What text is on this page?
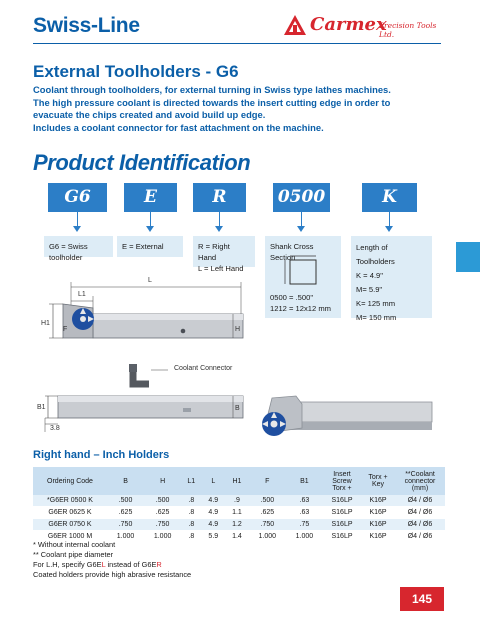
Swiss-Line	Carmex
Precision Tools Ltd.
External Toolholders - G6
Coolant through toolholders, for external turning in Swiss type lathes machines.
The high pressure coolant is directed towards the insert cutting edge in order to
evacuate the chips created and avoid build up edge.
Includes a coolant connector for fast attachment on the machine.
Product Identification
G6	E	R	0500	K
G6 = Swiss toolholder
E = External	R = Right Hand
L = Left Hand
Shank Cross Section
0500 = .500"
1212 = 12x12 mm
Length of Toolholders
K = 4.9"
M= 5.9"
K= 125 mm
M= 150 mm
L
L1
H1
F	H
Coolant Connector
B1	B
3.8
Right hand – Inch Holders
Ordering Code	B	H	L1	L	H1	F	B1	Insert Screw Torx +	Torx + Key	**Coolant connector (mm)
*G6ER 0500 K	.500	.500	.8	4.9	.9	.500	.63	S16LP	K16P	Ø4 / Ø6
G6ER 0625 K	.625	.625	.8	4.9	1.1	.625	.63	S16LP	K16P	Ø4 / Ø6
G6ER 0750 K	.750	.750	.8	4.9	1.2	.750	.75	S16LP	K16P	Ø4 / Ø6
G6ER 1000 M	1.000	1.000	.8	5.9	1.4	1.000	1.000	S16LP	K16P	Ø4 / Ø6
* Without internal coolant
** Coolant pipe diameter
For L.H, specify G6EL instead of G6ER
Coated holders provide high abrasive resistance
145
